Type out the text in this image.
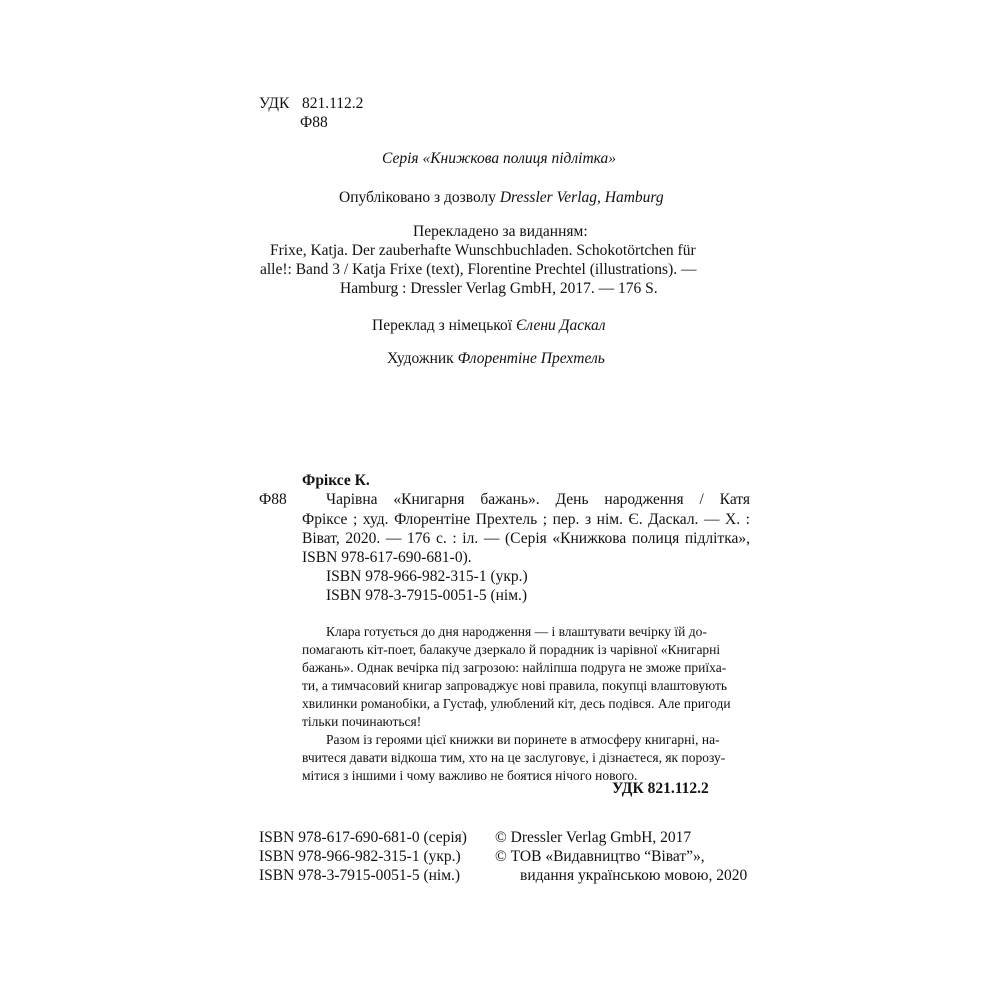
УДК 821.112.2
Ф88
Серія «Книжкова полиця підлітка»
Опубліковано з дозволу Dressler Verlag, Hamburg
Перекладено за виданням:
Frixe, Katja. Der zauberhafte Wunschbuchladen. Schokotörtchen für
alle!: Band 3 / Katja Frixe (text), Florentine Prechtel (illustrations). —
Hamburg : Dressler Verlag GmbH, 2017. — 176 S.
Переклад з німецької Єлени Даскал
Художник Флорентіне Прехтель
Фріксе К.
Ф88	Чарівна «Книгарня бажань». День народження / Катя
Фріксе ; худ. Флорентіне Прехтель ; пер. з нім. Є. Даскал. — Х. :
Віват, 2020. — 176 с. : іл. — (Серія «Книжкова полиця підлітка»,
ISBN 978-617-690-681-0).
ISBN 978-966-982-315-1 (укр.)
ISBN 978-3-7915-0051-5 (нім.)
Клара готується до дня народження — і влаштувати вечірку їй до-
помагають кіт-поет, балакуче дзеркало й порадник із чарівної «Книгарні
бажань». Однак вечірка під загрозою: найліпша подруга не зможе приїха-
ти, а тимчасовий книгар запроваджує нові правила, покупці влаштовують
хвилинки романобіки, а Густаф, улюблений кіт, десь подівся. Але пригоди
тільки починаються!
Разом із героями цієї книжки ви поринете в атмосферу книгарні, на-
вчитеся давати відкоша тим, хто на це заслуговує, і дізнаєтеся, як порозу-
мітися з іншими і чому важливо не боятися нічого нового.
УДК 821.112.2
ISBN 978-617-690-681-0 (серія)
ISBN 978-966-982-315-1 (укр.)
ISBN 978-3-7915-0051-5 (нім.)
© Dressler Verlag GmbH, 2017
© ТОВ «Видавництво “Віват”»,
видання українською мовою, 2020
